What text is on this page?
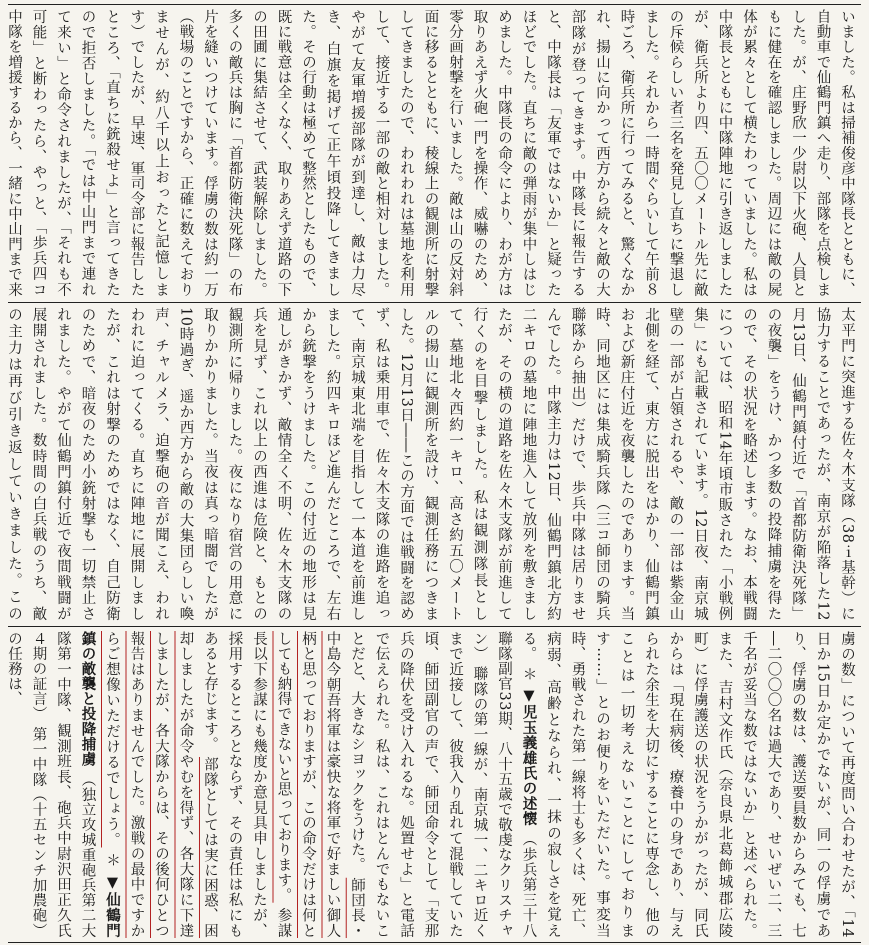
いました。私は掃補俊彦中隊長とともに、自動車で仙鶴門鎮へ走り、部隊を点検しました。が、庄野欣一少尉以下火砲、人員ともに健在を確認しました。周辺には敵の屍体が累々として横たわっていました。私は中隊長とともに中隊陣地に引き返しましたが、衛兵所より四、五〇〇メートル先に敵の斥候らしい者三名を発見し直ちに撃退しました。それから一時間ぐらいして午前８時ごろ、衛兵所に行ってみると、驚くなかれ、揚山に向かって西方から続々と敵の大部隊が登ってきます。中隊長に報告すると、中隊長は「友軍ではないか」と疑ったほどでした。直ちに敵の弾雨が集中しはじめました。中隊長の命令により、わが方は取りあえず火砲一門を操作、威嚇のため、零分画射撃を行いました。敵は山の反対斜面に移るとともに、稜線上の観測所に射撃してきましたので、われわれは墓地を利用して、接近する一部の敵と相対しました。やがて友軍増援部隊が到達し、敵は力尽き、白旗を掲げて正午頃投降してきました。その行動は極めて整然としたもので、既に戦意は全くなく、取りあえず道路の下の田圃に集結させて、武装解除しました。多くの敵兵は胸に「首都防衛決死隊」の布片を縫いつけています。俘虜の数は約一万（戦場のことですから、正確に数えておりませんが、約八千以上おったと記憶します）でしたが、早速、軍司令部に報告したところ、「直ちに銃殺せよ」と言ってきたので拒否しました。「では中山門まで連れて来い」と命令されましたが、「それも不可能」と断わったら、やっと、「歩兵四コ中隊を増援するから、一緒に中山門まで来
太平門に突進する佐々木支隊（38ｉ基幹）に協力することであったが、南京が陥落した12月13日、仙鶴門鎮付近で「首都防衛決死隊」の夜襲」をうけ、かつ多数の投降捕虜を得たので、その状況を略述します。なお、本戦闘については、昭和14年頃市販された「小戦例集」にも記載されています。12日夜、南京城壁の一部が占領されるや、敵の一部は紫金山北側を経て、東方に脱出をはかり、仙鶴門鎮および新庄付近を夜襲したのであります。当時、同地区には集成騎兵隊（三コ師団の騎兵聯隊から抽出）だけで、歩兵中隊は居りませんでした。中隊主力は12日、仙鶴門鎮北方約二キロの墓地に陣地進入して放列を敷きましたが、その横の道路を佐々木支隊が前進して行くのを目撃しました。私は観測隊長として、墓地北々西約一キロ、高さ約五〇メートルの揚山に観測所を設け、観測任務につきました。12月13日――この方面では戦闘を認めず、私は乗用車で、佐々木支隊の進路を追って、南京城東北端を目指して一本道を前進しました。約四キロほど進んだところで、左右から銃撃をうけました。この付近の地形は見通しがきかず、敵情全く不明、佐々木支隊の兵を見ず、これ以上の西進は危険と、もとの観測所に帰りました。夜になり宿営の用意に取りかかりました。当夜は真っ暗闇でしたが10時過ぎ、遥か西方から敵の大集団らしい喚声、チャルメラ、迫撃砲の音が聞こえ、われわれに迫ってくる。直ちに陣地に展開しましたが、これは射撃のためではなく、自己防衛のためで、暗夜のため小銃射撃も一切禁止されました。やがて仙鶴門鎮付近で夜間戦闘が展開されました。数時間の白兵戦のうち、敵の主力は再び引き返していきました。この
虜の数」について再度問い合わせたが、「14日か15日か定かでないが、同一の俘虜であり、俘虜の数は、護送要員数からみても、七―二〇〇〇名は過大であり、せいぜい二、三千名が妥当な数ではないか」と述べられた。また、吉村文作氏（奈良県北葛飾城郡広陵町）に俘虜護送の状況をうかがったが、同氏からは「現在病後、療養中の身であり、与えられた余生を大切にすることに専念し、他のことは一切考えないことにしております……」とのお便りをいただいた。事変当時、勇戦された第一線将士も多くは、死亡、病弱、高齢となられ、一抹の寂しさを覚える。 ＊ ▼児玉義雄氏の述懐 （歩兵第三十八聯隊副官33期、八十五歳で敬虔なクリスチャン） 聯隊の第一線が、南京城一、二キロ近くまで近接して、彼我入り乱れて混戦していた頃、師団副官の声で、師団命令として「支那兵の降伏を受け入れるな。処置せよ」と電話で伝えられた。私は、これはとんでもないことだと、大きなシヨックをうけた。 師団長・中島今朝吾将軍は豪快な将軍で好ましい御人柄と思っておりますが、この命令だけは何としても納得できないと思っております。 参謀長以下参謀にも幾度か意見具申しましたが、採用するところとならず、その責任は私にもあると存じます。 部隊としては実に困惑、困却しましたが命令やむを得ず、各大隊に下達しましたが、各大隊からは、その後何ひとつ報告はありませんでした。激戦の最中ですからご想像いただけるでしょう。 ＊ ▼仙鶴門鎮の敵襲と投降捕虜 （独立攻城重砲兵第二大隊第一中隊、観測班長、砲兵中尉沢田正久氏４期の証言） 第一中隊（十五センチ加農砲）の任務は、
